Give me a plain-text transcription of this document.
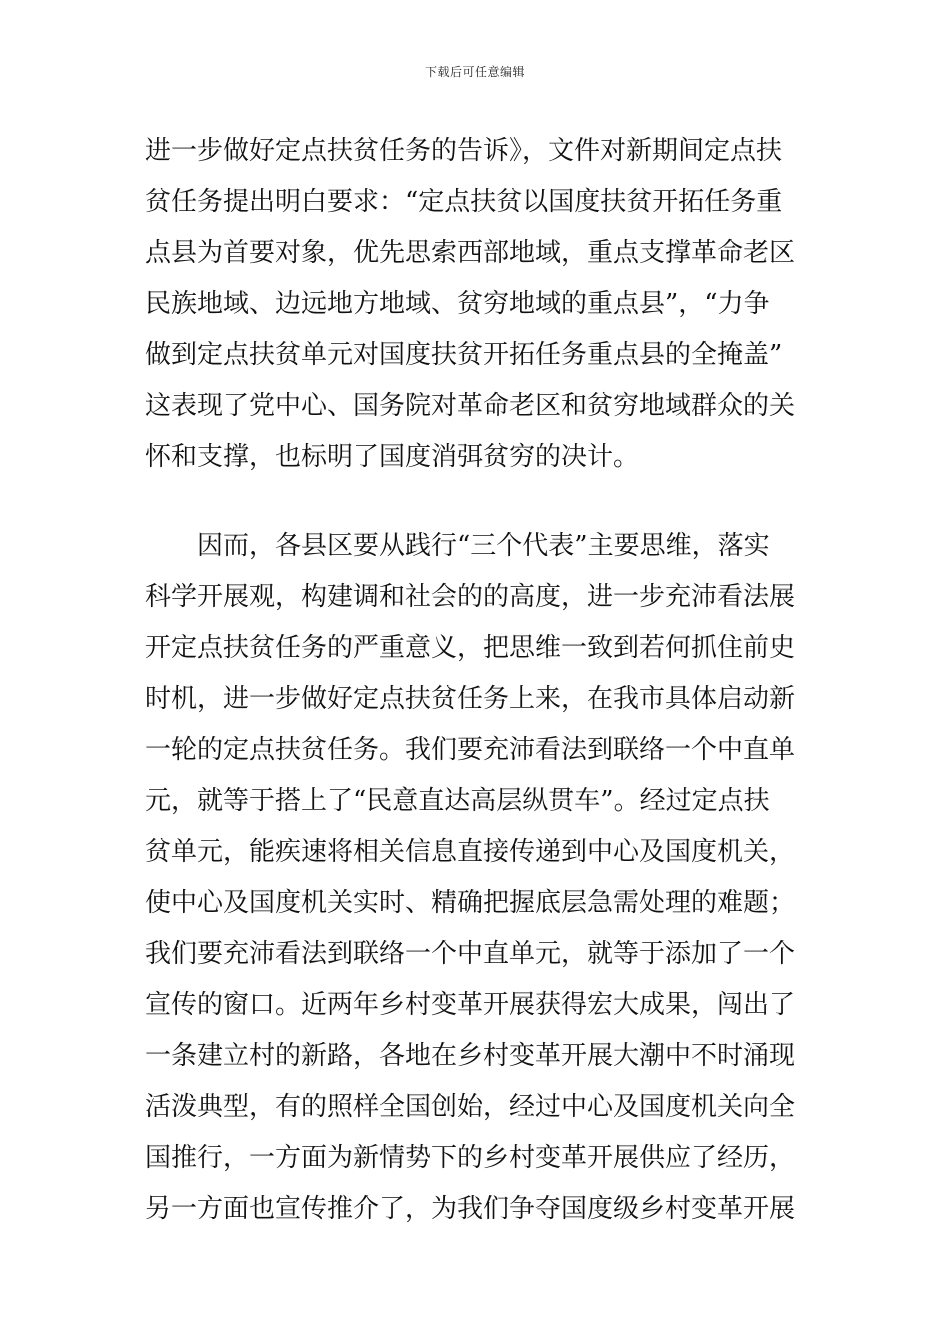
下载后可任意编辑
进一步做好定点扶贫任务的告诉》，文件对新期间定点扶
贫任务提出明白要求：“定点扶贫以国度扶贫开拓任务重
点县为首要对象，优先思索西部地域，重点支撑革命老区
民族地域、边远地方地域、贫穷地域的重点县”，“力争
做到定点扶贫单元对国度扶贫开拓任务重点县的全掩盖”
这表现了党中心、国务院对革命老区和贫穷地域群众的关
怀和支撑，也标明了国度消弭贫穷的决计。
　　因而，各县区要从践行“三个代表”主要思维，落实
科学开展观，构建调和社会的的高度，进一步充沛看法展
开定点扶贫任务的严重意义，把思维一致到若何抓住前史
时机，进一步做好定点扶贫任务上来，在我市具体启动新
一轮的定点扶贫任务。我们要充沛看法到联络一个中直单
元，就等于搭上了“民意直达高层纵贯车”。经过定点扶
贫单元，能疾速将相关信息直接传递到中心及国度机关，
使中心及国度机关实时、精确把握底层急需处理的难题；
我们要充沛看法到联络一个中直单元，就等于添加了一个
宣传的窗口。近两年乡村变革开展获得宏大成果，闯出了
一条建立村的新路，各地在乡村变革开展大潮中不时涌现
活泼典型，有的照样全国创始，经过中心及国度机关向全
国推行，一方面为新情势下的乡村变革开展供应了经历，
另一方面也宣传推介了，为我们争夺国度级乡村变革开展
